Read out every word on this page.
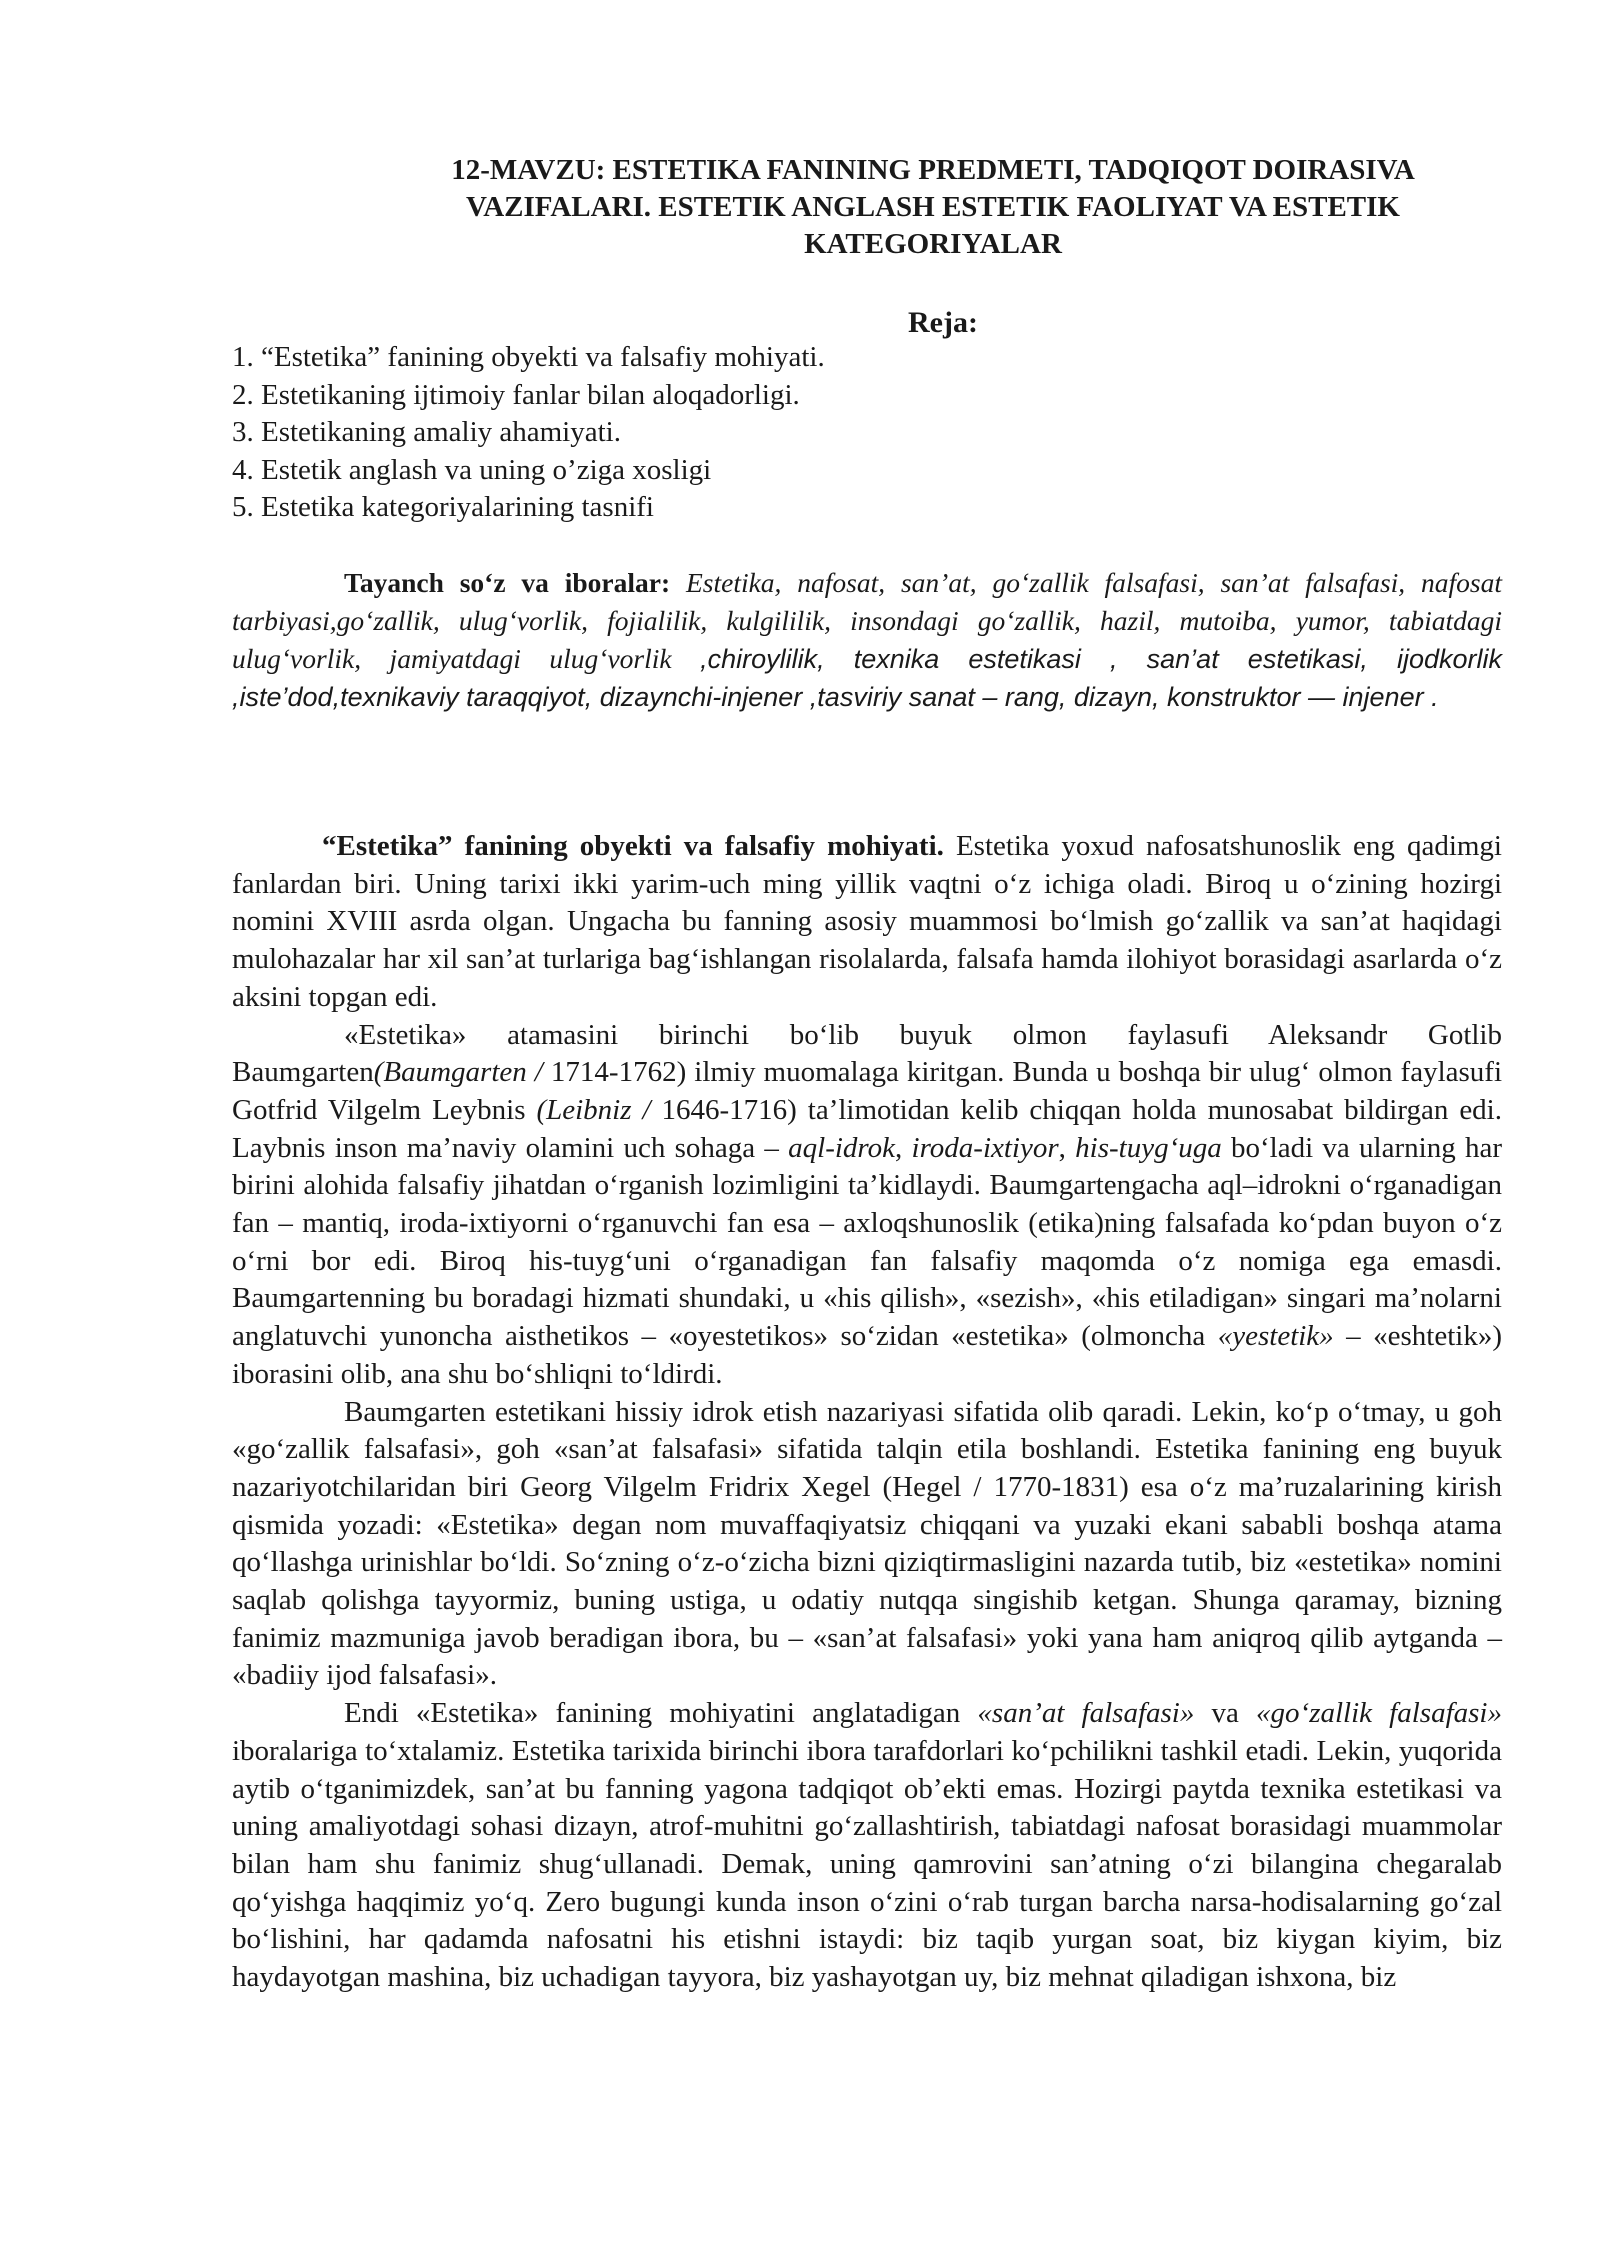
12-MAVZU: ESTETIKA FANINING PREDMETI, TADQIQOT DOIRASIVA
VAZIFALARI. ESTETIK ANGLASH ESTETIK FAOLIYAT VA ESTETIK
KATEGORIYALAR
Reja:
1. “Estetika” fanining obyekti va falsafiy mohiyati.
2. Estetikaning ijtimoiy fanlar bilan aloqadorligi.
3. Estetikaning amaliy ahamiyati.
4. Estetik anglash va uning o’ziga xosligi
5. Estetika kategoriyalarining tasnifi
Tayanch so‘z va iboralar: Estetika, nafosat, san’at, go‘zallik falsafasi, san’at falsafasi, nafosat tarbiyasi,go‘zallik, ulug‘vorlik, fojialilik, kulgililik, insondagi go‘zallik, hazil, mutoiba, yumor, tabiatdagi ulug‘vorlik, jamiyatdagi ulug‘vorlik ,chiroylilik, texnika estetikasi , san’at estetikasi, ijodkorlik ,iste’dod,texnikaviy taraqqiyot, dizaynchi-injener ,tasviriy sanat – rang, dizayn, konstruktor — injener .

“Estetika” fanining obyekti va falsafiy mohiyati. Estetika yoxud nafosatshunoslik eng qadimgi fanlardan biri. Uning tarixi ikki yarim-uch ming yillik vaqtni o‘z ichiga oladi. Biroq u o‘zining hozirgi nomini XVIII asrda olgan. Ungacha bu fanning asosiy muammosi bo‘lmish go‘zallik va san’at haqidagi mulohazalar har xil san’at turlariga bag‘ishlangan risolalarda, falsafa hamda ilohiyot borasidagi asarlarda o‘z aksini topgan edi.

«Estetika» atamasini birinchi bo‘lib buyuk olmon faylasufi Aleksandr Gotlib Baumgarten(Baumgarten / 1714-1762) ilmiy muomalaga kiritgan. Bunda u boshqa bir ulug‘ olmon faylasufi Gotfrid Vilgelm Leybnis (Leibniz / 1646-1716) ta’limotidan kelib chiqqan holda munosabat bildirgan edi. Laybnis inson ma’naviy olamini uch sohaga – aql-idrok, iroda-ixtiyor, his-tuyg‘uga bo‘ladi va ularning har birini alohida falsafiy jihatdan o‘rganish lozimligini ta’kidlaydi. Baumgartengacha aql–idrokni o‘rganadigan fan – mantiq, iroda-ixtiyorni o‘rganuvchi fan esa – axloqshunoslik (etika)ning falsafada ko‘pdan buyon o‘z o‘rni bor edi. Biroq his-tuyg‘uni o‘rganadigan fan falsafiy maqomda o‘z nomiga ega emasdi. Baumgartenning bu boradagi hizmati shundaki, u «his qilish», «sezish», «his etiladigan» singari ma’nolarni anglatuvchi yunoncha aisthetikos – «oyestetikos» so‘zidan «estetika» (olmoncha «yestetik» – «eshtetik») iborasini olib, ana shu bo‘shliqni to‘ldirdi.

Baumgarten estetikani hissiy idrok etish nazariyasi sifatida olib qaradi. Lekin, ko‘p o‘tmay, u goh «go‘zallik falsafasi», goh «san’at falsafasi» sifatida talqin etila boshlandi. Estetika fanining eng buyuk nazariyotchilaridan biri Georg Vilgelm Fridrix Xegel (Hegel / 1770-1831) esa o‘z ma’ruzalarining kirish qismida yozadi: «Estetika» degan nom muvaffaqiyatsiz chiqqani va yuzaki ekani sababli boshqa atama qo‘llashga urinishlar bo‘ldi. So‘zning o‘z-o‘zicha bizni qiziqtirmasligini nazarda tutib, biz «estetika» nomini saqlab qolishga tayyormiz, buning ustiga, u odatiy nutqqa singishib ketgan. Shunga qaramay, bizning fanimiz mazmuniga javob beradigan ibora, bu – «san’at falsafasi» yoki yana ham aniqroq qilib aytganda – «badiiy ijod falsafasi».

Endi «Estetika» fanining mohiyatini anglatadigan «san’at falsafasi» va «go‘zallik falsafasi» iboralariga to‘xtalamiz. Estetika tarixida birinchi ibora tarafdorlari ko‘pchilikni tashkil etadi. Lekin, yuqorida aytib o‘tganimizdek, san’at bu fanning yagona tadqiqot ob’ekti emas. Hozirgi paytda texnika estetikasi va uning amaliyotdagi sohasi dizayn, atrof-muhitni go‘zallashtirish, tabiatdagi nafosat borasidagi muammolar bilan ham shu fanimiz shug‘ullanadi. Demak, uning qamrovini san’atning o‘zi bilangina chegaralab qo‘yishga haqqimiz yo‘q. Zero bugungi kunda inson o‘zini o‘rab turgan barcha narsa-hodisalarning go‘zal bo‘lishini, har qadamda nafosatni his etishni istaydi: biz taqib yurgan soat, biz kiygan kiyim, biz haydayotgan mashina, biz uchadigan tayyora, biz yashayotgan uy, biz mehnat qiladigan ishxona, biz
